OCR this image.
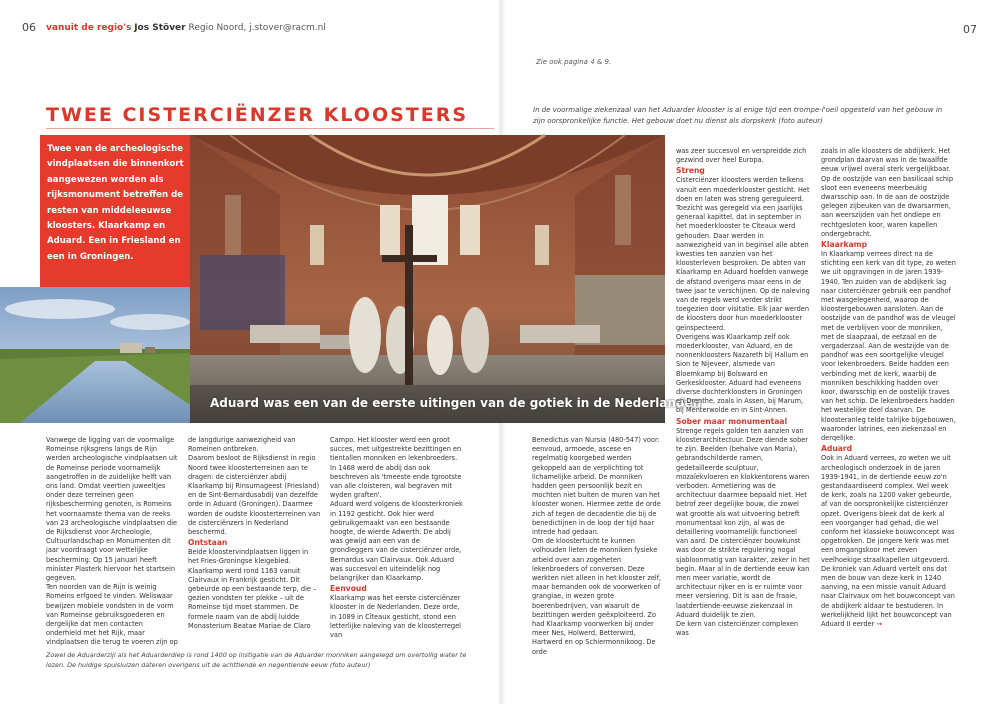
06 vanuit de regio's Jos Stöver Regio Noord, j.stover@racm.nl	07
Zie ook pagina 4 & 9.
TWEE CISTERCIËNZER KLOOSTERS	In de voormalige ziekenzaal van het Aduarder klooster is al enige tijd een trompe-l'oeil opgesteld van het gebouw in zijn oorspronkelijke functie. Het gebouw doet nu dienst als dorpskerk (foto auteur)

Twee van de archeologische vindplaatsen die binnenkort aangewezen worden als rijksmonument betreffen de resten van middeleeuwse kloosters. Klaarkamp en Aduard. Een in Friesland en een in Groningen.

Aduard was een van de eerste uitingen van de gotiek in de Nederlanden

Vanwege de ligging van de voormalige Romeinse rijksgrens langs de Rijn werden archeologische vindplaatsen uit de Romeinse periode voornamelijk aangetroffen in de zuidelijke helft van ons land. Omdat veertien juweeltjes onder deze terreinen geen rijksbescherming genoten, is Romeins het voornaamste thema van de reeks van 23 archeologische vindplaatsen die de Rijksdienst voor Archeologie, Cultuurlandschap en Monumenten dit jaar voordraagt voor wettelijke bescherming. Op 15 januari heeft minister Plasterk hiervoor het startsein gegeven.
Ten noorden van de Rijn is weinig Romeins erfgoed te vinden. Weliswaar bewijzen mobiele vondsten in de vorm van Romeinse gebruiksgoederen en dergelijke dat men contacten onderhield met het Rijk, maar vindplaatsen die terug te voeren zijn op

de langdurige aanwezigheid van Romeinen ontbreken.
Daarom besloot de Rijksdienst in regio Noord twee kloosterterreinen aan te dragen: de cisterciënzer abdij Klaarkamp bij Rinsumageest (Friesland) en de Sint-Bernardusabdij van dezelfde orde in Aduard (Groningen). Daarmee worden de oudste kloosterterreinen van de cisterciënzers in Nederland beschermd.

Ontstaan

Beide kloostervindplaatsen liggen in het Fries-Groningse kleigebied. Klaarkamp werd rond 1163 vanuit Clairvaux in Frankrijk gesticht. Dit gebeurde op een bestaande terp, die – gezien vondsten ter plekke – uit de Romeinse tijd moet stammen. De formele naam van de abdij luidde Monasterium Beatae Mariae de Claro

Campo. Het klooster werd een groot succes, met uitgestrekte bezittingen en tientallen monniken en lekenbroeders. In 1468 werd de abdij dan ook beschreven als 'tmeeste ende tgrootste van alle cloisteren, wal begraven mit wyden graften'.
Aduard werd volgens de kloosterkroniek in 1192 gesticht. Ook hier werd gebruikgemaakt van een bestaande hoogte, de wierde Adwerth. De abdij was gewijd aan een van de grondleggers van de cisterciënzer orde, Bernardus van Clairvaux. Ook Aduard was succesvol en uiteindelijk nog belangrijker dan Klaarkamp.

Eenvoud

Klaarkamp was het eerste cisterciënzer klooster in de Nederlanden. Deze orde, in 1089 in Cîteaux gesticht, stond een letterlijke naleving van de kloosterregel van

Benedictus van Nursia (480-547) voor: eenvoud, armoede, ascese en regelmatig koorgebed werden gekoppeld aan de verplichting tot lichamelijke arbeid. De monniken hadden geen persoonlijk bezit en mochten niet buiten de muren van het klooster wonen. Hiermee zette de orde zich af tegen de decadentie die bij de benedictijnen in de loop der tijd haar intrede had gedaan.
Om de kloostertucht te kunnen volhouden lieten de monniken fysieke arbeid over aan zogeheten lekenbroeders of conversen. Deze werkten niet alleen in het klooster zelf, maar bemanden ook de voorwerken of grangiae, in wezen grote boerenbedrijven, van waaruit de bezittingen werden geëxploiteerd. Zo had Klaarkamp voorwerken bij onder meer Nes, Holwerd, Betterwird, Hartwerd en op Schiermonnikoog. De orde

was zeer succesvol en verspreidde zich gezwind over heel Europa.

Streng

Cisterciënzer kloosters werden telkens vanuit een moederklooster gesticht. Het doen en laten was streng gereguleerd. Toezicht was geregeld via een jaarlijks generaal kapittel, dat in september in het moederklooster te Cîteaux werd gehouden. Daar werden in aanwezigheid van in beginsel alle abten kwesties ten aanzien van het kloosterleven besproken. De abten van Klaarkamp en Aduard hoefden vanwege de afstand overigens maar eens in de twee jaar te verschijnen. Op de naleving van de regels werd verder strikt toegezien door visitatie. Elk jaar werden de kloosters door hun moederklooster geïnspecteerd.
Overigens was Klaarkamp zelf ook moederklooster, van Aduard, en de nonnenkloosters Nazareth bij Hallum en Sion te Nijeveer, alsmede van Bloemkamp bij Bolsward en Gerkesklooster. Aduard had eveneens diverse dochterkloosters in Groningen en Drenthe, zoals in Assen, bij Marum, bij Menterwolde en in Sint-Annen.

Sober maar monumentaal

Strenge regels golden ten aanzien van kloosterarchitectuur. Deze diende sober te zijn. Beelden (behalve van Maria), gebrandschilderde ramen, gedetailleerde sculptuur, mozaïekvloeren en klokkentorens waren verboden. Armetiering was de architectuur daarmee bepaald niet. Het betrof zeer degelijke bouw, die zowel wat grootte als wat uitvoering betreft monumentaal kon zijn, al was de detaillering voornamelijk functioneel van aard. De cisterciënzer bouwkunst was door de strikte regulering nogal sjabloonmatig van karakter, zeker in het begin. Maar al in de dertiende eeuw kan men meer variatie, wordt de architectuur rijker en is er ruimte voor meer versiering. Dit is aan de fraaie, laatdertiende-eeuwse ziekenzaal in Aduard duidelijk te zien.
De kern van cisterciënzer complexen was

zoals in alle kloosters de abdijkerk. Het grondplan daarvan was in de twaalfde eeuw vrijwel overal sterk vergelijkbaar. Op de oostzijde van een basilicaal schip sloot een eveneens meerbeukig dwarsschip aan. In de aan de oostzijde gelegen zijbeuken van de dwarsarmen, aan weerszijden van het ondiepe en rechtgesloten koor, waren kapellen ondergebracht.

Klaarkamp

In Klaarkamp verrees direct na de stichting een kerk van dit type, zo weten we uit opgravingen in de jaren 1939-1940. Ten zuiden van de abdijkerk lag naar cisterciënzer gebruik een pandhof met wasgelegenheid, waarop de kloostergebouwen aansloten. Aan de oostzijde van de pandhof was de vleugel met de verblijven voor de monniken, met de slaapzaal, de eetzaal en de vergaderzaal. Aan de westzijde van de pandhof was een soortgelijke vleugel voor lekenbroeders. Beide hadden een verbinding met de kerk, waarbij de monniken beschikking hadden over koor, dwarsschip en de oostelijk traves van het schip. De lekenbroeders hadden het westelijke deel daarvan. De kloosteranleg telde talrijke bijgebouwen, waaronder latrines, een ziekenzaal en derqelijke.

Aduard

Ook in Aduard verrees, zo weten we uit archeologisch onderzoek in de jaren 1939-1941, in de dertiende eeuw zo'n gestandaardiseerd complex. Wel week de kerk, zoals na 1200 vaker gebeurde, af van de oorspronkelijke cisterciënzer opzet. Overigens bleek dat de kerk al een voorganger had gehad, die wel conform het klassieke bouwconcept was opgetrokken. De jongere kerk was met een omgangskoor met zeven veelhoekige straalkapellen uitgevoerd.
De kroniek van Aduard vertelt ons dat men de bouw van deze kerk in 1240 aanving, na een missie vanuit Aduard naar Clairvaux om het bouwconcept van de abdijkerk aldaar te bestuderen. In werkelijkheid lijkt het bouwconcept van Aduard II eerder →

Zowel de Aduarderzijl als het Aduarderdiep is rond 1400 op instigatie van de Aduarder monniken aangelegd om overtollig water te lozen. De huidige spuisluizen dateren overigens uit de achttiende en negentiende eeuw (foto auteur)
